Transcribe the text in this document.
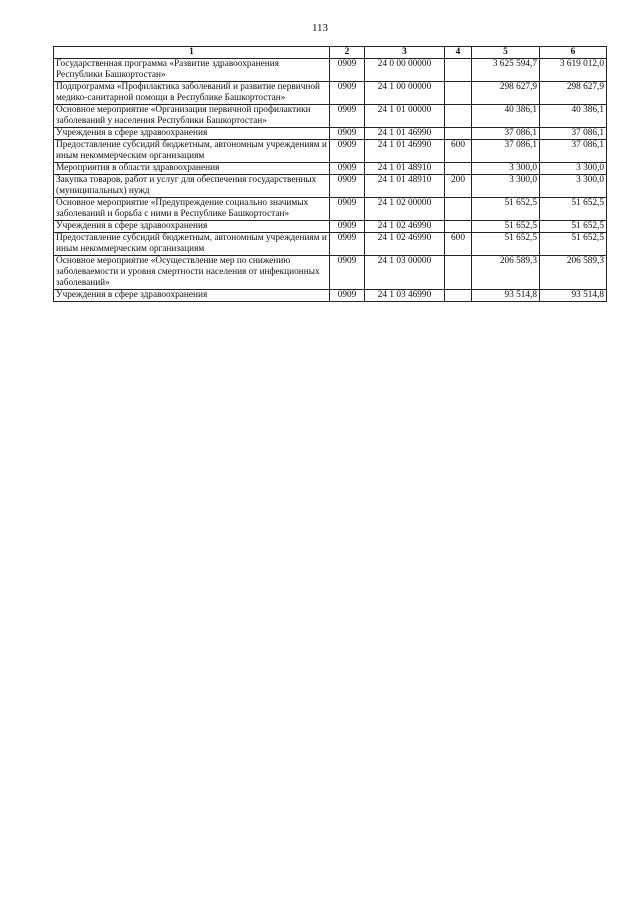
113
1	2	3	4	5	6
Государственная программа «Развитие здравоохранения Республики Башкортостан»	0909	24 0 00 00000		3 625 594,7	3 619 012,0
Подпрограмма «Профилактика заболеваний и развитие первичной медико-санитарной помощи в Республике Башкортостан»	0909	24 1 00 00000		298 627,9	298 627,9
Основное мероприятие «Организация первичной профилактики заболеваний у населения Республики Башкортостан»	0909	24 1 01 00000		40 386,1	40 386,1
Учреждения в сфере здравоохранения	0909	24 1 01 46990		37 086,1	37 086,1
Предоставление субсидий бюджетным, автономным учреждениям и иным некоммерческим организациям	0909	24 1 01 46990	600	37 086,1	37 086,1
Мероприятия в области здравоохранения	0909	24 1 01 48910		3 300,0	3 300,0
Закупка товаров, работ и услуг для обеспечения государственных (муниципальных) нужд	0909	24 1 01 48910	200	3 300,0	3 300,0
Основное мероприятие «Предупреждение социально значимых заболеваний и борьба с ними в Республике Башкортостан»	0909	24 1 02 00000		51 652,5	51 652,5
Учреждения в сфере здравоохранения	0909	24 1 02 46990		51 652,5	51 652,5
Предоставление субсидий бюджетным, автономным учреждениям и иным некоммерческим организациям	0909	24 1 02 46990	600	51 652,5	51 652,5
Основное мероприятие «Осуществление мер по снижению заболеваемости и уровня смертности населения от инфекционных заболеваний»	0909	24 1 03 00000		206 589,3	206 589,3
Учреждения в сфере здравоохранения	0909	24 1 03 46990		93 514,8	93 514,8
